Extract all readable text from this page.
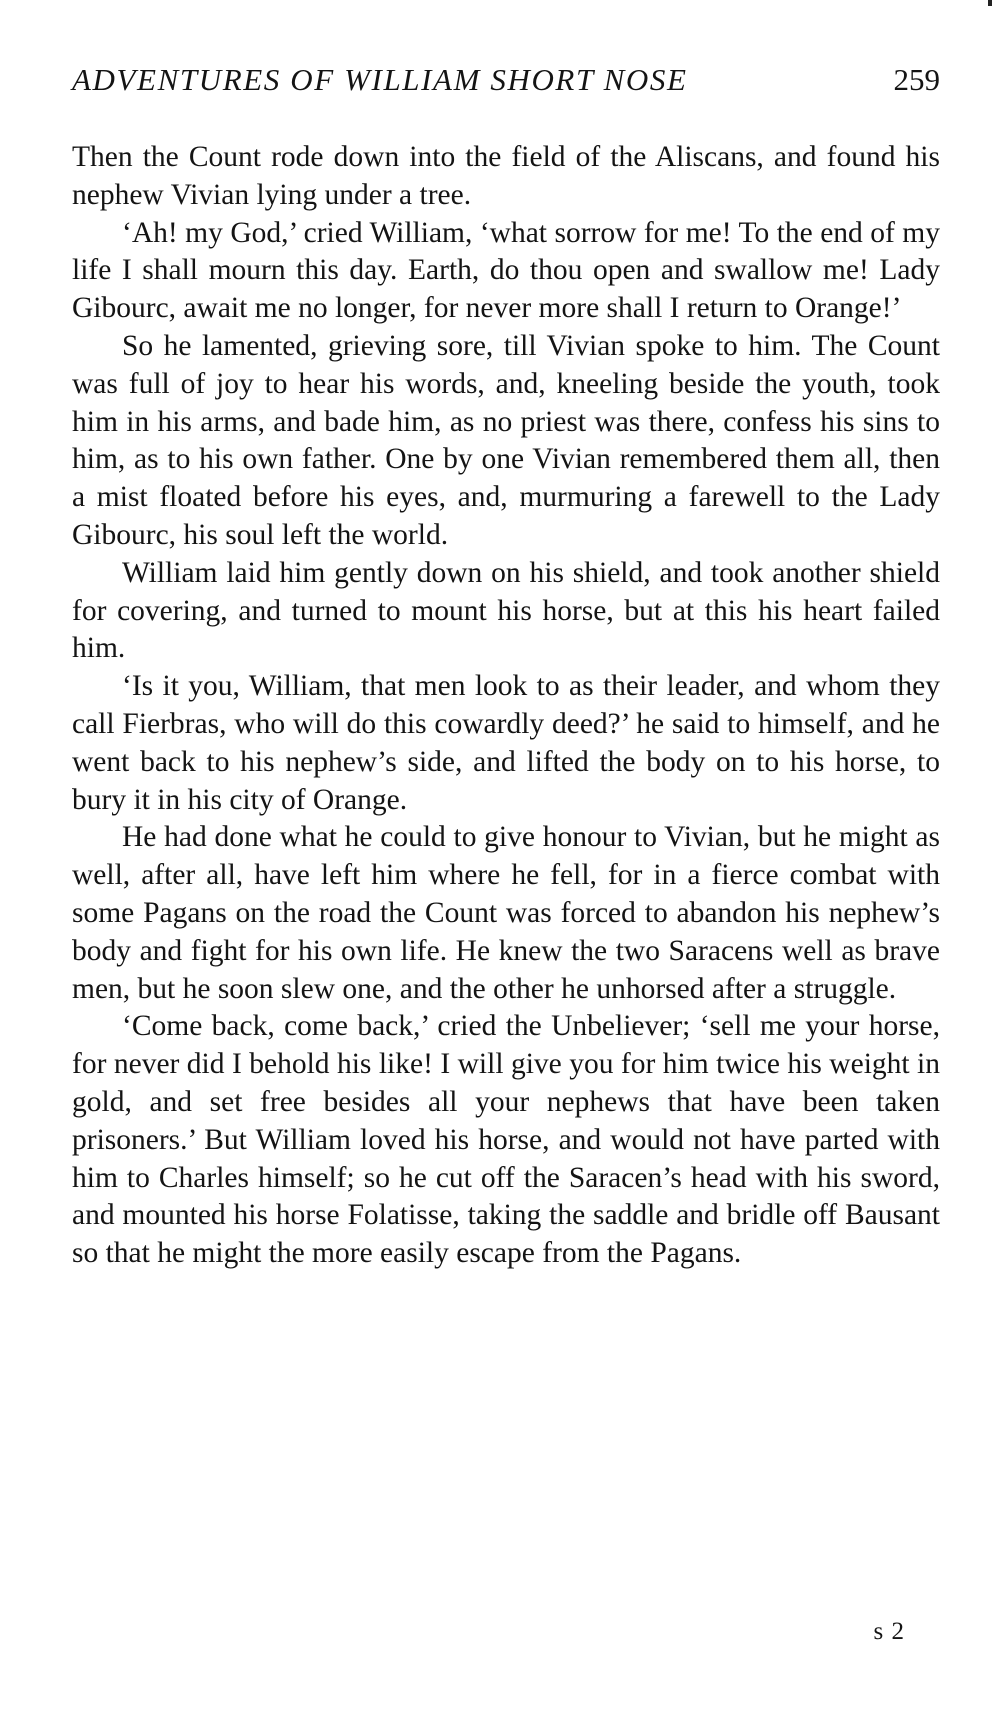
ADVENTURES OF WILLIAM SHORT NOSE	259

Then the Count rode down into the field of the Aliscans, and found his nephew Vivian lying under a tree.

‘Ah! my God,’ cried William, ‘what sorrow for me! To the end of my life I shall mourn this day. Earth, do thou open and swallow me! Lady Gibourc, await me no longer, for never more shall I return to Orange!’

So he lamented, grieving sore, till Vivian spoke to him. The Count was full of joy to hear his words, and, kneeling beside the youth, took him in his arms, and bade him, as no priest was there, confess his sins to him, as to his own father. One by one Vivian remembered them all, then a mist floated before his eyes, and, murmuring a farewell to the Lady Gibourc, his soul left the world.

William laid him gently down on his shield, and took another shield for covering, and turned to mount his horse, but at this his heart failed him.

‘Is it you, William, that men look to as their leader, and whom they call Fierbras, who will do this cowardly deed?’ he said to himself, and he went back to his nephew’s side, and lifted the body on to his horse, to bury it in his city of Orange.

He had done what he could to give honour to Vivian, but he might as well, after all, have left him where he fell, for in a fierce combat with some Pagans on the road the Count was forced to abandon his nephew’s body and fight for his own life. He knew the two Saracens well as brave men, but he soon slew one, and the other he unhorsed after a struggle.

‘Come back, come back,’ cried the Unbeliever; ‘sell me your horse, for never did I behold his like! I will give you for him twice his weight in gold, and set free besides all your nephews that have been taken prisoners.’ But William loved his horse, and would not have parted with him to Charles himself; so he cut off the Saracen’s head with his sword, and mounted his horse Folatisse, taking the saddle and bridle off Bausant so that he might the more easily escape from the Pagans.

s 2
